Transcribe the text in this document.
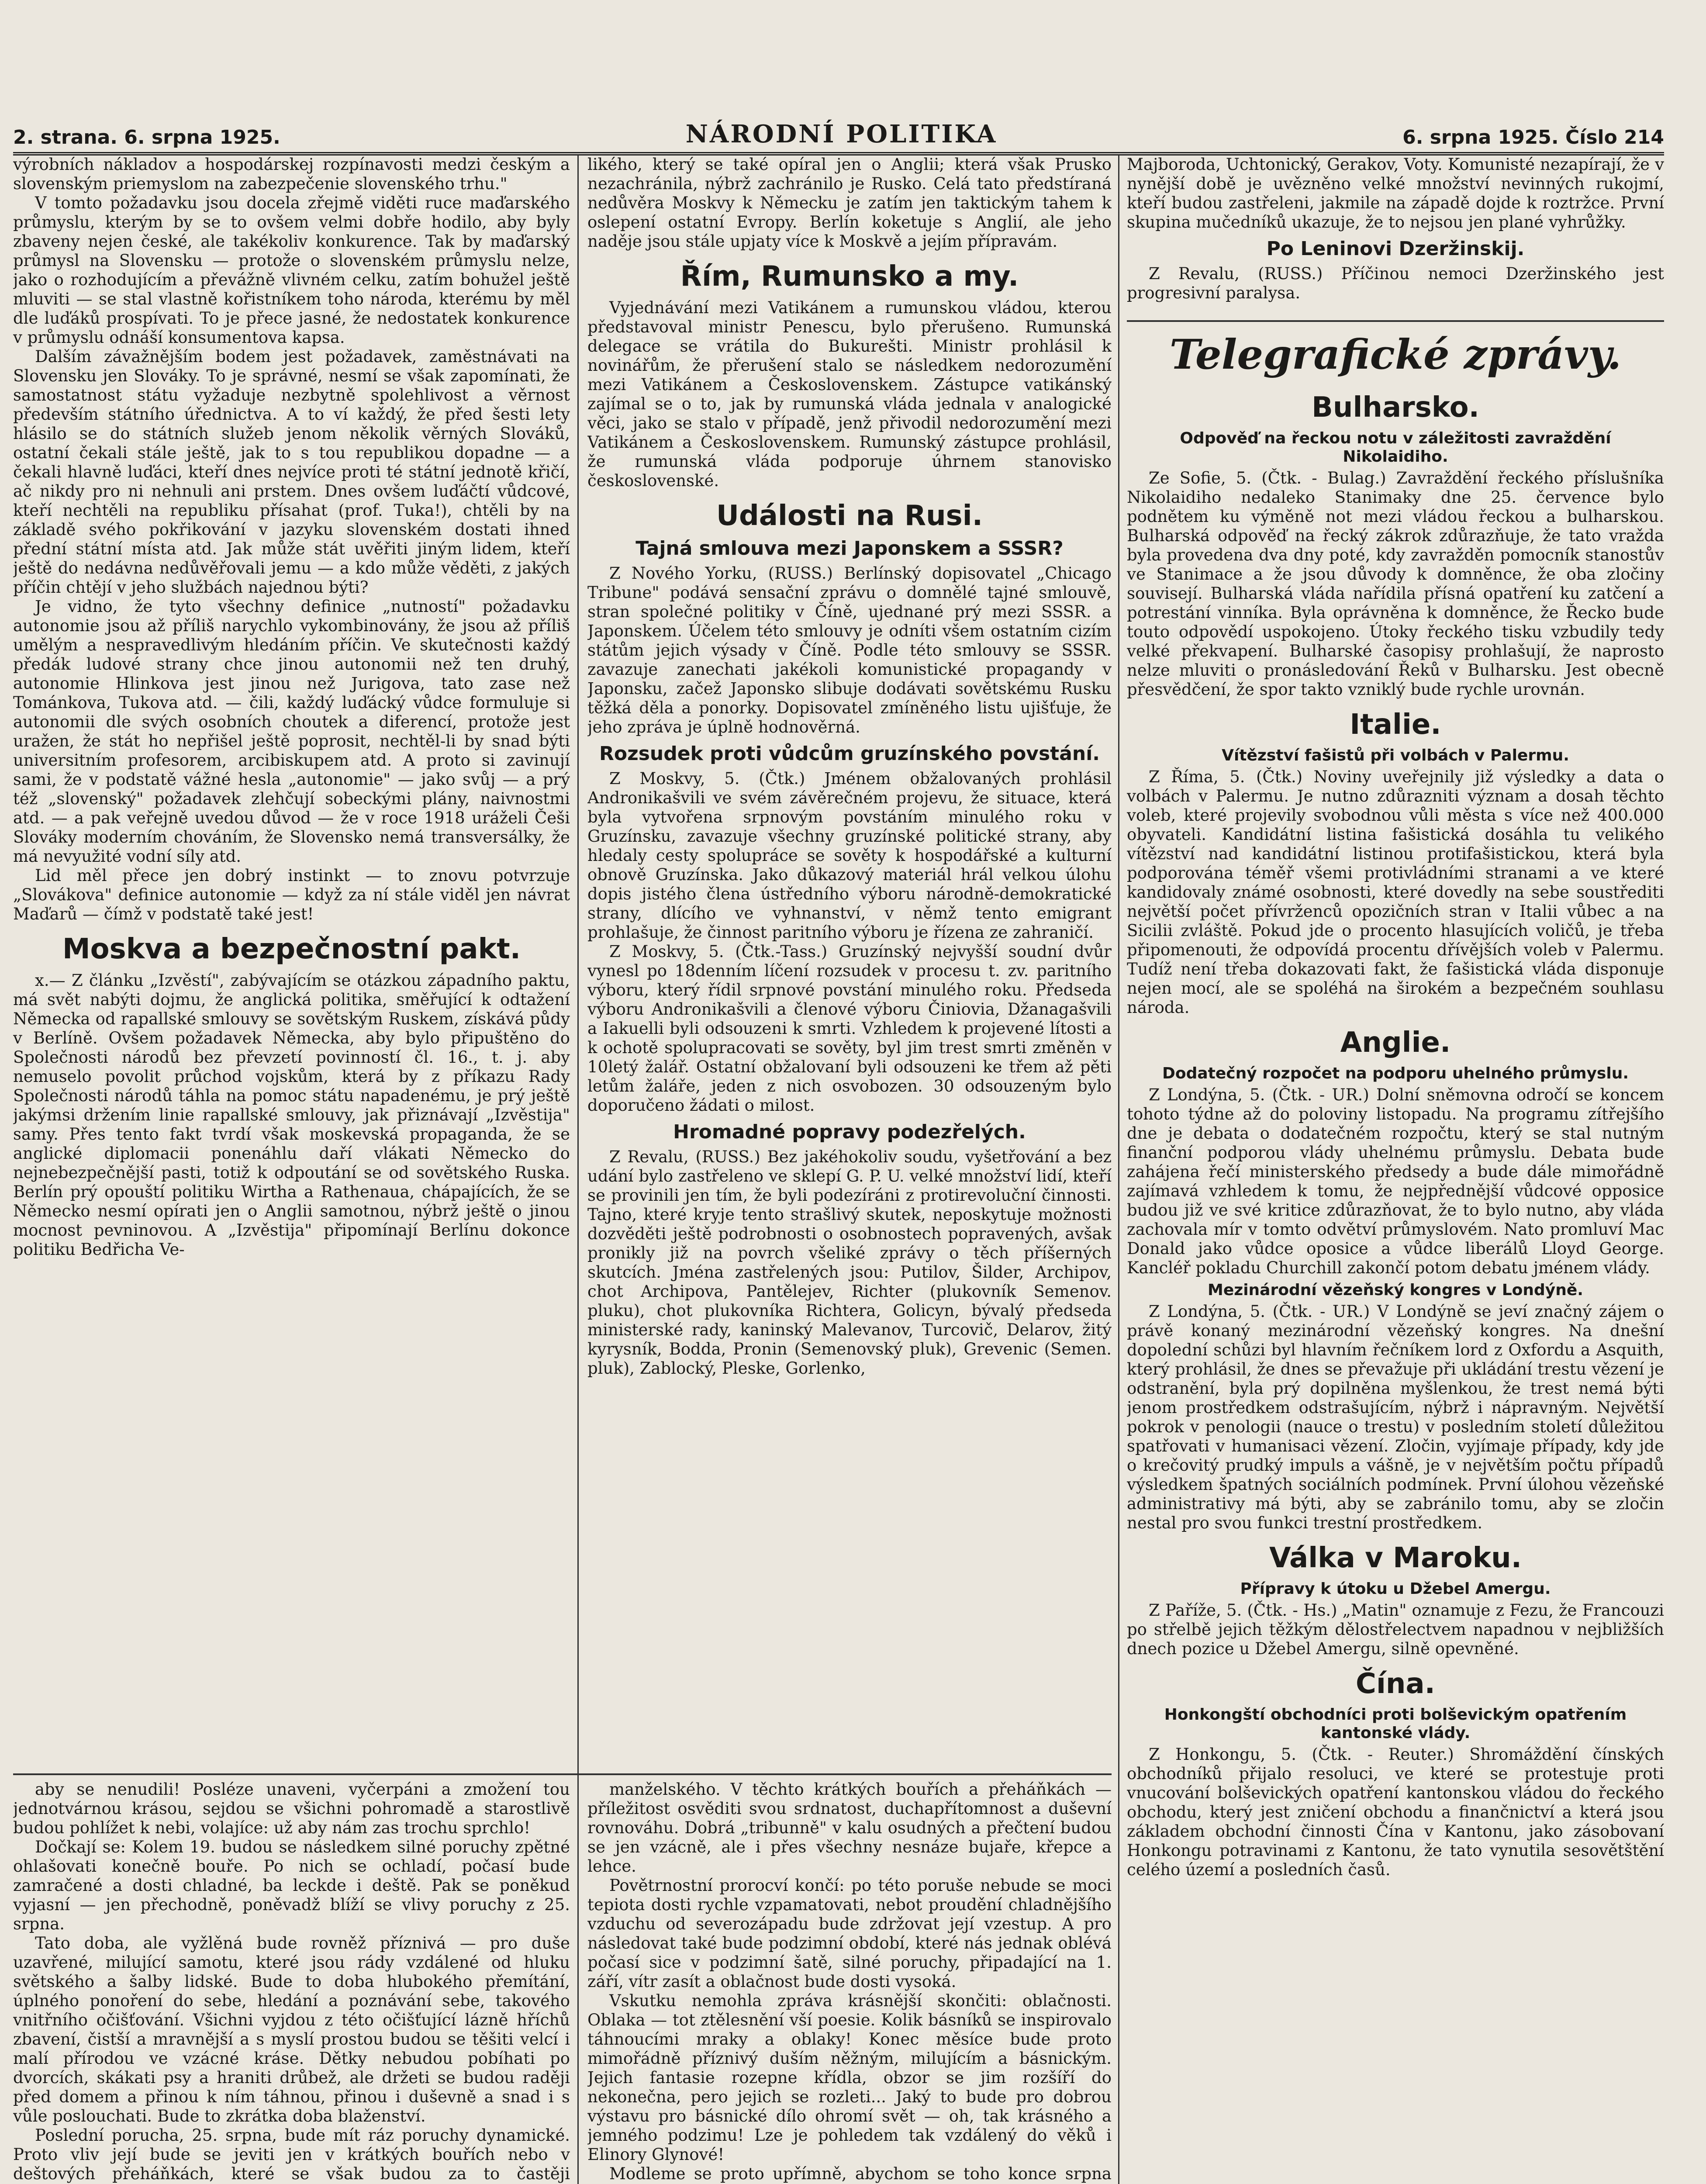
2. strana. 6. srpna 1925.	NÁRODNÍ POLITIKA	6. srpna 1925. Číslo 214

výrobních nákladov a hospodárskej rozpínavosti medzi českým a slovenským priemyslom na zabezpečenie slovenského trhu."

V tomto požadavku jsou docela zřejmě viděti ruce maďarského průmyslu, kterým by se to ovšem velmi dobře hodilo, aby byly zbaveny nejen české, ale takékoliv konkurence. Tak by maďarský průmysl na Slovensku — protože o slovenském průmyslu nelze, jako o rozhodujícím a převážně vlivném celku, zatím bohužel ještě mluviti — se stal vlastně kořistníkem toho národa, kterému by měl dle luďáků prospívati. To je přece jasné, že nedostatek konkurence v průmyslu odnáší konsumentova kapsa.

Dalším závažnějším bodem jest požadavek, zaměstnávati na Slovensku jen Slováky. To je správné, nesmí se však zapomínati, že samostatnost státu vyžaduje nezbytně spolehlivost a věrnost především státního úřednictva. A to ví každý, že před šesti lety hlásilo se do státních služeb jenom několik věrných Slováků, ostatní čekali stále ještě, jak to s tou republikou dopadne — a čekali hlavně luďáci, kteří dnes nejvíce proti té státní jednotě křičí, ač nikdy pro ni nehnuli ani prstem. Dnes ovšem luďáčtí vůdcové, kteří nechtěli na republiku přísahat (prof. Tuka!), chtěli by na základě svého pokřikování v jazyku slovenském dostati ihned přední státní místa atd. Jak může stát uvěřiti jiným lidem, kteří ještě do nedávna nedůvěřovali jemu — a kdo může věděti, z jakých příčin chtějí v jeho službách najednou býti?

Je vidno, že tyto všechny definice „nutností" požadavku autonomie jsou až příliš narychlo vykombinovány, že jsou až příliš umělým a nespravedlivým hledáním příčin. Ve skutečnosti každý předák ludové strany chce jinou autonomii než ten druhý, autonomie Hlinkova jest jinou než Jurigova, tato zase než Tománkova, Tukova atd. — čili, každý luďácký vůdce formuluje si autonomii dle svých osobních choutek a diferencí, protože jest uražen, že stát ho nepřišel ještě poprosit, nechtěl-li by snad býti universitním profesorem, arcibiskupem atd. A proto si zavinují sami, že v podstatě vážné hesla „autonomie" — jako svůj — a prý též „slovenský" požadavek zlehčují sobeckými plány, naivnostmi atd. — a pak veřejně uvedou důvod — že v roce 1918 uráželi Češi Slováky moderním chováním, že Slovensko nemá transversálky, že má nevyužité vodní síly atd.

Lid měl přece jen dobrý instinkt — to znovu potvrzuje „Slovákova" definice autonomie — když za ní stále viděl jen návrat Maďarů — čímž v podstatě také jest!

Moskva a bezpečnostní pakt.

x.— Z článku „Izvěstí", zabývajícím se otázkou západního paktu, má svět nabýti dojmu, že anglická politika, směřující k odtažení Německa od rapallské smlouvy se sovětským Ruskem, získává půdy v Berlíně. Ovšem požadavek Německa, aby bylo připuštěno do Společnosti národů bez převzetí povinností čl. 16., t. j. aby nemuselo povolit průchod vojskům, která by z příkazu Rady Společnosti národů táhla na pomoc státu napadenému, je prý ještě jakýmsi držením linie rapallské smlouvy, jak přiznávají „Izvěstija" samy. Přes tento fakt tvrdí však moskevská propaganda, že se anglické diplomacii ponenáhlu daří vlákati Německo do nejnebezpečnější pasti, totiž k odpoutání se od sovětského Ruska. Berlín prý opouští politiku Wirtha a Rathenaua, chápajících, že se Německo nesmí opírati jen o Anglii samotnou, nýbrž ještě o jinou mocnost pevninovou. A „Izvěstija" připomínají Berlínu dokonce politiku Bedřicha Ve-

likého, který se také opíral jen o Anglii; která však Prusko nezachránila, nýbrž zachránilo je Rusko. Celá tato předstíraná nedůvěra Moskvy k Německu je zatím jen taktickým tahem k oslepení ostatní Evropy. Berlín koketuje s Anglií, ale jeho naděje jsou stále upjaty více k Moskvě a jejím přípravám.

Řím, Rumunsko a my.

Vyjednávání mezi Vatikánem a rumunskou vládou, kterou představoval ministr Penescu, bylo přerušeno. Rumunská delegace se vrátila do Bukurešti. Ministr prohlásil k novinářům, že přerušení stalo se následkem nedorozumění mezi Vatikánem a Československem. Zástupce vatikánský zajímal se o to, jak by rumunská vláda jednala v analogické věci, jako se stalo v případě, jenž přivodil nedorozumění mezi Vatikánem a Československem. Rumunský zástupce prohlásil, že rumunská vláda podporuje úhrnem stanovisko československé.

Události na Rusi.
Tajná smlouva mezi Japonskem a SSSR?

Z Nového Yorku, (RUSS.) Berlínský dopisovatel „Chicago Tribune" podává sensační zprávu o domnělé tajné smlouvě, stran společné politiky v Číně, ujednané prý mezi SSSR. a Japonskem. Účelem této smlouvy je odníti všem ostatním cizím státům jejich výsady v Číně. Podle této smlouvy se SSSR. zavazuje zanechati jakékoli komunistické propagandy v Japonsku, začež Japonsko slibuje dodávati sovětskému Rusku těžká děla a ponorky. Dopisovatel zmíněného listu ujišťuje, že jeho zpráva je úplně hodnověrná.

Rozsudek proti vůdcům gruzínského povstání.

Z Moskvy, 5. (Čtk.) Jménem obžalovaných prohlásil Andronikašvili ve svém závěrečném projevu, že situace, která byla vytvořena srpnovým povstáním minulého roku v Gruzínsku, zavazuje všechny gruzínské politické strany, aby hledaly cesty spolupráce se sověty k hospodářské a kulturní obnově Gruzínska. Jako důkazový materiál hrál velkou úlohu dopis jistého člena ústředního výboru národně-demokratické strany, dlícího ve vyhnanství, v němž tento emigrant prohlašuje, že činnost paritního výboru je řízena ze zahraničí.

Z Moskvy, 5. (Čtk.-Tass.) Gruzínský nejvyšší soudní dvůr vynesl po 18denním líčení rozsudek v procesu t. zv. paritního výboru, který řídil srpnové povstání minulého roku. Předseda výboru Andronikašvili a členové výboru Činiovia, Džanagašvili a Iakuelli byli odsouzeni k smrti. Vzhledem k projevené lítosti a k ochotě spolupracovati se sověty, byl jim trest smrti změněn v 10letý žalář. Ostatní obžalovaní byli odsouzeni ke třem až pěti letům žaláře, jeden z nich osvobozen. 30 odsouzeným bylo doporučeno žádati o milost.

Hromadné popravy podezřelých.

Z Revalu, (RUSS.) Bez jakéhokoliv soudu, vyšetřování a bez udání bylo zastřeleno ve sklepí G. P. U. velké množství lidí, kteří se provinili jen tím, že byli podezíráni z protirevoluční činnosti. Tajno, které kryje tento strašlivý skutek, neposkytuje možnosti dozvěděti ještě podrobnosti o osobnostech popravených, avšak pronikly již na povrch všeliké zprávy o těch příšerných skutcích. Jména zastřelených jsou: Putilov, Šilder, Archipov, chot Archipova, Pantělejev, Richter (plukovník Semenov. pluku), chot plukovníka Richtera, Golicyn, bývalý předseda ministerské rady, kaninský Malevanov, Turcovič, Delarov, žitý kyrysník, Bodda, Pronin (Semenovský pluk), Grevenic (Semen. pluk), Zablocký, Pleske, Gorlenko,

Majboroda, Uchtonický, Gerakov, Voty. Komunisté nezapírají, že v nynější době je uvězněno velké množství nevinných rukojmí, kteří budou zastřeleni, jakmile na západě dojde k roztržce. První skupina mučedníků ukazuje, že to nejsou jen plané vyhrůžky.

Po Leninovi Dzeržinskij.

Z Revalu, (RUSS.) Příčinou nemoci Dzeržinského jest progresivní paralysa.

Telegrafické zprávy.
Bulharsko.
Odpověď na řeckou notu v záležitosti zavraždění Nikolaidiho.

Ze Sofie, 5. (Čtk. - Bulag.) Zavraždění řeckého příslušníka Nikolaidiho nedaleko Stanimaky dne 25. července bylo podnětem ku výměně not mezi vládou řeckou a bulharskou. Bulharská odpověď na řecký zákrok zdůrazňuje, že tato vražda byla provedena dva dny poté, kdy zavražděn pomocník stanostův ve Stanimace a že jsou důvody k domněnce, že oba zločiny souvisejí. Bulharská vláda nařídila přísná opatření ku zatčení a potrestání vinníka. Byla oprávněna k domněnce, že Řecko bude touto odpovědí uspokojeno. Útoky řeckého tisku vzbudily tedy velké překvapení. Bulharské časopisy prohlašují, že naprosto nelze mluviti o pronásledování Řeků v Bulharsku. Jest obecně přesvědčení, že spor takto vzniklý bude rychle urovnán.

Italie.
Vítězství fašistů při volbách v Palermu.

Z Říma, 5. (Čtk.) Noviny uveřejnily již výsledky a data o volbách v Palermu. Je nutno zdůrazniti význam a dosah těchto voleb, které projevily svobodnou vůli města s více než 400.000 obyvateli. Kandidátní listina fašistická dosáhla tu velikého vítězství nad kandidátní listinou protifašistickou, která byla podporována téměř všemi protivládními stranami a ve které kandidovaly známé osobnosti, které dovedly na sebe soustřediti největší počet přívrženců opozičních stran v Italii vůbec a na Sicilii zvláště. Pokud jde o procento hlasujících voličů, je třeba připomenouti, že odpovídá procentu dřívějších voleb v Palermu. Tudíž není třeba dokazovati fakt, že fašistická vláda disponuje nejen mocí, ale se spoléhá na širokém a bezpečném souhlasu národa.

Anglie.
Dodatečný rozpočet na podporu uhelného průmyslu.

Z Londýna, 5. (Čtk. - UR.) Dolní sněmovna odročí se koncem tohoto týdne až do poloviny listopadu. Na programu zítřejšího dne je debata o dodatečném rozpočtu, který se stal nutným finanční podporou vlády uhelnému průmyslu. Debata bude zahájena řečí ministerského předsedy a bude dále mimořádně zajímavá vzhledem k tomu, že nejpřednější vůdcové opposice budou již ve své kritice zdůrazňovat, že to bylo nutno, aby vláda zachovala mír v tomto odvětví průmyslovém. Nato promluví Mac Donald jako vůdce oposice a vůdce liberálů Lloyd George. Kancléř pokladu Churchill zakončí potom debatu jménem vlády.

Mezinárodní vězeňský kongres v Londýně.

Z Londýna, 5. (Čtk. - UR.) V Londýně se jeví značný zájem o právě konaný mezinárodní vězeňský kongres. Na dnešní dopolední schůzi byl hlavním řečníkem lord z Oxfordu a Asquith, který prohlásil, že dnes se převažuje při ukládání trestu vězení je odstranění, byla prý dopilněna myšlenkou, že trest nemá býti jenom prostředkem odstrašujícím, nýbrž i nápravným. Největší pokrok v penologii (nauce o trestu) v posledním století důležitou spatřovati v humanisaci vězení. Zločin, vyjímaje případy, kdy jde o krečovitý prudký impuls a vášně, je v největším počtu případů výsledkem špatných sociálních podmínek. První úlohou vězeňské administrativy má býti, aby se zabránilo tomu, aby se zločin nestal pro svou funkci trestní prostředkem.

Válka v Maroku.
Přípravy k útoku u Džebel Amergu.

Z Paříže, 5. (Čtk. - Hs.) „Matin" oznamuje z Fezu, že Francouzi po střelbě jejich těžkým dělostřelectvem napadnou v nejbližších dnech pozice u Džebel Amergu, silně opevněné.

Čína.
Honkongští obchodníci proti bolševickým opatřením kantonské vlády.

Z Honkongu, 5. (Čtk. - Reuter.) Shromáždění čínských obchodníků přijalo resoluci, ve které se protestuje proti vnucování bolševických opatření kantonskou vládou do řeckého obchodu, který jest zničení obchodu a finančnictví a která jsou základem obchodní činnosti Čína v Kantonu, jako zásobovaní Honkongu potravinami z Kantonu, že tato vynutila sesovětštění celého území a posledních časů.

aby se nenudili! Posléze unaveni, vyčerpáni a zmožení tou jednotvárnou krásou, sejdou se všichni pohromadě a starostlivě budou pohlížet k nebi, volajíce: už aby nám zas trochu sprchlo!

Dočkají se: Kolem 19. budou se následkem silné poruchy zpětné ohlašovati konečně bouře. Po nich se ochladí, počasí bude zamračené a dosti chladné, ba leckde i deště. Pak se poněkud vyjasní — jen přechodně, poněvadž blíží se vlivy poruchy z 25. srpna.

Tato doba, ale vyžlěná bude rovněž příznivá — pro duše uzavřené, milující samotu, které jsou rády vzdálené od hluku světského a šalby lidské. Bude to doba hlubokého přemítání, úplného ponoření do sebe, hledání a poznávání sebe, takového vnitřního očišťování. Všichni vyjdou z této očišťující lázně hříchů zbavení, čistší a mravnější a s myslí prostou budou se těšiti velcí i malí přírodou ve vzácné kráse. Dětky nebudou pobíhati po dvorcích, skákati psy a hraniti drůbež, ale držeti se budou raději před domem a přinou k ním táhnou, přinou i duševně a snad i s vůle poslouchati. Bude to zkrátka doba blaženství.

Poslední porucha, 25. srpna, bude mít ráz poruchy dynamické. Proto vliv její bude se jeviti jen v krátkých bouřích nebo v deštových přeháňkách, které se však budou za to častěji

manželského. V těchto krátkých bouřích a přeháňkách — příležitost osvěditi svou srdnatost, duchapřítomnost a duševní rovnováhu. Dobrá „tribunně" v kalu osudných a přečtení budou se jen vzácně, ale i přes všechny nesnáze bujaře, křepce a lehce.

Povětrnostní prorocví končí: po této poruše nebude se moci tepiota dosti rychle vzpamatovati, nebot proudění chladnějšího vzduchu od severozápadu bude zdržovat její vzestup. A pro následovat také bude podzimní období, které nás jednak oblévá počasí sice v podzimní šatě, silné poruchy, připadající na 1. září, vítr zasít a oblačnost bude dosti vysoká.

Vskutku nemohla zpráva krásnější skončiti: oblačnosti. Oblaka — tot ztělesnění vší poesie. Kolik básníků se inspirovalo táhnoucími mraky a oblaky! Konec měsíce bude proto mimořádně příznivý duším něžným, milujícím a básnickým. Jejich fantasie rozepne křídla, obzor se jim rozšíří do nekonečna, pero jejich se rozleti... Jaký to bude pro dobrou výstavu pro básnické dílo ohromí svět — oh, tak krásného a jemného podzimu! Lze je pohledem tak vzdálený do věků i Elinory Glynové!

Modleme se proto upřímně, abychom se toho konce srpna
